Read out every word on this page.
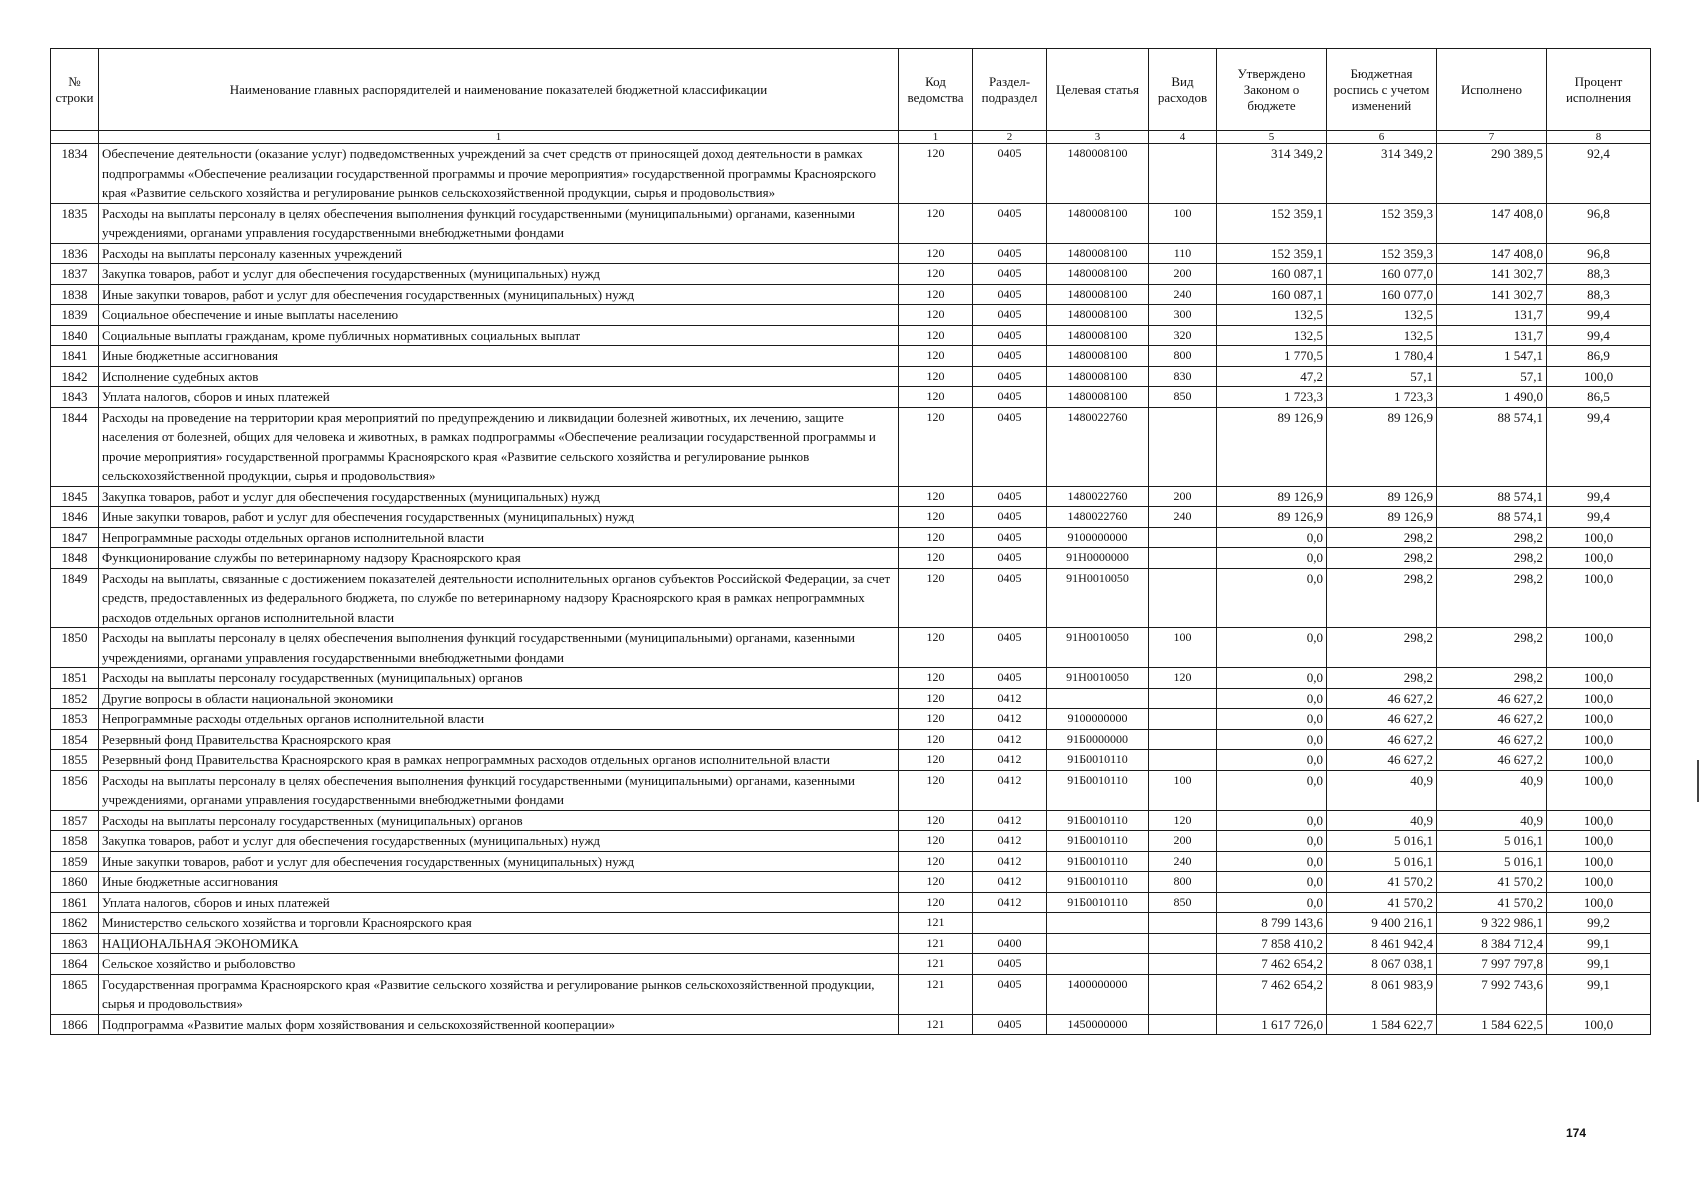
№ строки	Наименование главных распорядителей и наименование показателей бюджетной классификации	Код ведомства	Раздел-подраздел	Целевая статья	Вид расходов	Утверждено Законом о бюджете	Бюджетная роспись с учетом изменений	Исполнено	Процент исполнения
	1	1	2	3	4	5	6	7	8
1834	Обеспечение деятельности (оказание услуг) подведомственных учреждений за счет средств от приносящей доход деятельности в рамках подпрограммы «Обеспечение реализации государственной программы и прочие мероприятия» государственной программы Красноярского края «Развитие сельского хозяйства и регулирование рынков сельскохозяйственной продукции, сырья и продовольствия»	120	0405	1480008100		314 349,2	314 349,2	290 389,5	92,4
1835	Расходы на выплаты персоналу в целях обеспечения выполнения функций государственными (муниципальными) органами, казенными учреждениями, органами управления государственными внебюджетными фондами	120	0405	1480008100	100	152 359,1	152 359,3	147 408,0	96,8
1836	Расходы на выплаты персоналу казенных учреждений	120	0405	1480008100	110	152 359,1	152 359,3	147 408,0	96,8
1837	Закупка товаров, работ и услуг для обеспечения государственных (муниципальных) нужд	120	0405	1480008100	200	160 087,1	160 077,0	141 302,7	88,3
1838	Иные закупки товаров, работ и услуг для обеспечения государственных (муниципальных) нужд	120	0405	1480008100	240	160 087,1	160 077,0	141 302,7	88,3
1839	Социальное обеспечение и иные выплаты населению	120	0405	1480008100	300	132,5	132,5	131,7	99,4
1840	Социальные выплаты гражданам, кроме публичных нормативных социальных выплат	120	0405	1480008100	320	132,5	132,5	131,7	99,4
1841	Иные бюджетные ассигнования	120	0405	1480008100	800	1 770,5	1 780,4	1 547,1	86,9
1842	Исполнение судебных актов	120	0405	1480008100	830	47,2	57,1	57,1	100,0
1843	Уплата налогов, сборов и иных платежей	120	0405	1480008100	850	1 723,3	1 723,3	1 490,0	86,5
1844	Расходы на проведение на территории края мероприятий по предупреждению и ликвидации болезней животных, их лечению, защите населения от болезней, общих для человека и животных, в рамках подпрограммы «Обеспечение реализации государственной программы и прочие мероприятия» государственной программы Красноярского края «Развитие сельского хозяйства и регулирование рынков сельскохозяйственной продукции, сырья и продовольствия»	120	0405	1480022760		89 126,9	89 126,9	88 574,1	99,4
1845	Закупка товаров, работ и услуг для обеспечения государственных (муниципальных) нужд	120	0405	1480022760	200	89 126,9	89 126,9	88 574,1	99,4
1846	Иные закупки товаров, работ и услуг для обеспечения государственных (муниципальных) нужд	120	0405	1480022760	240	89 126,9	89 126,9	88 574,1	99,4
1847	Непрограммные расходы отдельных органов исполнительной власти	120	0405	9100000000		0,0	298,2	298,2	100,0
1848	Функционирование службы по ветеринарному надзору Красноярского края	120	0405	91Н0000000		0,0	298,2	298,2	100,0
1849	Расходы на выплаты, связанные с достижением показателей деятельности исполнительных органов субъектов Российской Федерации, за счет средств, предоставленных из федерального бюджета, по службе по ветеринарному надзору Красноярского края в рамках непрограммных расходов отдельных органов исполнительной власти	120	0405	91Н0010050		0,0	298,2	298,2	100,0
1850	Расходы на выплаты персоналу в целях обеспечения выполнения функций государственными (муниципальными) органами, казенными учреждениями, органами управления государственными внебюджетными фондами	120	0405	91Н0010050	100	0,0	298,2	298,2	100,0
1851	Расходы на выплаты персоналу государственных (муниципальных) органов	120	0405	91Н0010050	120	0,0	298,2	298,2	100,0
1852	Другие вопросы в области национальной экономики	120	0412			0,0	46 627,2	46 627,2	100,0
1853	Непрограммные расходы отдельных органов исполнительной власти	120	0412	9100000000		0,0	46 627,2	46 627,2	100,0
1854	Резервный фонд Правительства Красноярского края	120	0412	91Б0000000		0,0	46 627,2	46 627,2	100,0
1855	Резервный фонд Правительства Красноярского края в рамках непрограммных расходов отдельных органов исполнительной власти	120	0412	91Б0010110		0,0	46 627,2	46 627,2	100,0
1856	Расходы на выплаты персоналу в целях обеспечения выполнения функций государственными (муниципальными) органами, казенными учреждениями, органами управления государственными внебюджетными фондами	120	0412	91Б0010110	100	0,0	40,9	40,9	100,0
1857	Расходы на выплаты персоналу государственных (муниципальных) органов	120	0412	91Б0010110	120	0,0	40,9	40,9	100,0
1858	Закупка товаров, работ и услуг для обеспечения государственных (муниципальных) нужд	120	0412	91Б0010110	200	0,0	5 016,1	5 016,1	100,0
1859	Иные закупки товаров, работ и услуг для обеспечения государственных (муниципальных) нужд	120	0412	91Б0010110	240	0,0	5 016,1	5 016,1	100,0
1860	Иные бюджетные ассигнования	120	0412	91Б0010110	800	0,0	41 570,2	41 570,2	100,0
1861	Уплата налогов, сборов и иных платежей	120	0412	91Б0010110	850	0,0	41 570,2	41 570,2	100,0
1862	Министерство сельского хозяйства и торговли Красноярского края	121				8 799 143,6	9 400 216,1	9 322 986,1	99,2
1863	НАЦИОНАЛЬНАЯ ЭКОНОМИКА	121	0400			7 858 410,2	8 461 942,4	8 384 712,4	99,1
1864	Сельское хозяйство и рыболовство	121	0405			7 462 654,2	8 067 038,1	7 997 797,8	99,1
1865	Государственная программа Красноярского края «Развитие сельского хозяйства и регулирование рынков сельскохозяйственной продукции, сырья и продовольствия»	121	0405	1400000000		7 462 654,2	8 061 983,9	7 992 743,6	99,1
1866	Подпрограмма «Развитие малых форм хозяйствования и сельскохозяйственной кооперации»	121	0405	1450000000		1 617 726,0	1 584 622,7	1 584 622,5	100,0
174
